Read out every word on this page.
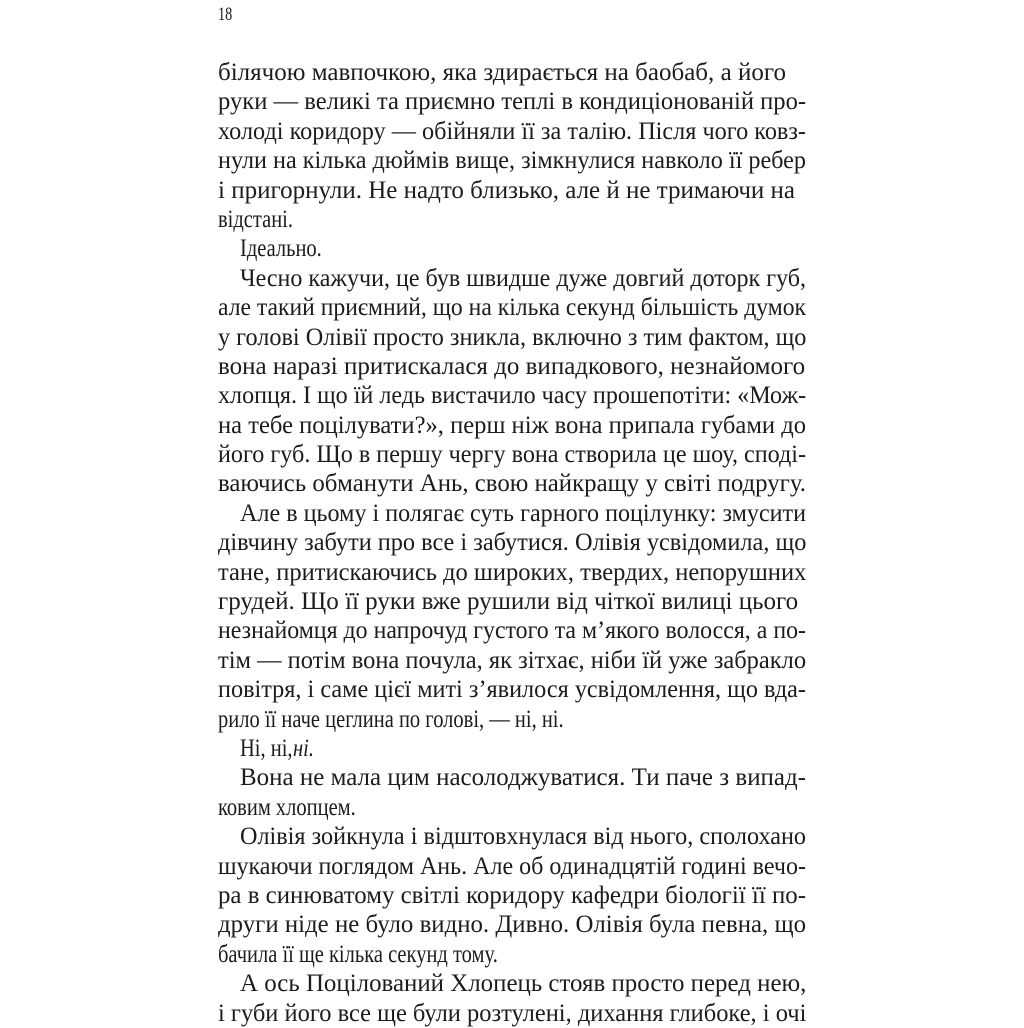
18
білячою мавпочкою, яка здирається на баобаб, а його
руки — великі та приємно теплі в кондиціонованій про-
холоді коридору — обійняли її за талію. Після чого ковз-
нули на кілька дюймів вище, зімкнулися навколо її ребер
і пригорнули. Не надто близько, але й не тримаючи на
відстані.
Ідеально.
Чесно кажучи, це був швидше дуже довгий доторк губ,
але такий приємний, що на кілька секунд більшість думок
у голові Олівії просто зникла, включно з тим фактом, що
вона наразі притискалася до випадкового, незнайомого
хлопця. І що їй ледь вистачило часу прошепотіти: «Мож-
на тебе поцілувати?», перш ніж вона припала губами до
його губ. Що в першу чергу вона створила це шоу, споді-
ваючись обманути Ань, свою найкращу у світі подругу.
Але в цьому і полягає суть гарного поцілунку: змусити
дівчину забути про все і забутися. Олівія усвідомила, що
тане, притискаючись до широких, твердих, непорушних
грудей. Що її руки вже рушили від чіткої вилиці цього
незнайомця до напрочуд густого та м’якого волосся, а по-
тім — потім вона почула, як зітхає, ніби їй уже забракло
повітря, і саме цієї миті з’явилося усвідомлення, що вда-
рило її наче цеглина по голові, — ні, ні.
Ні, ні,ні.
Вона не мала цим насолоджуватися. Ти паче з випад-
ковим хлопцем.
Олівія зойкнула і відштовхнулася від нього, сполохано
шукаючи поглядом Ань. Але об одинадцятій годині вечо-
ра в синюватому світлі коридору кафедри біології її по-
други ніде не було видно. Дивно. Олівія була певна, що
бачила її ще кілька секунд тому.
А ось Поцілований Хлопець стояв просто перед нею,
і губи його все ще були розтулені, дихання глибоке, і очі
